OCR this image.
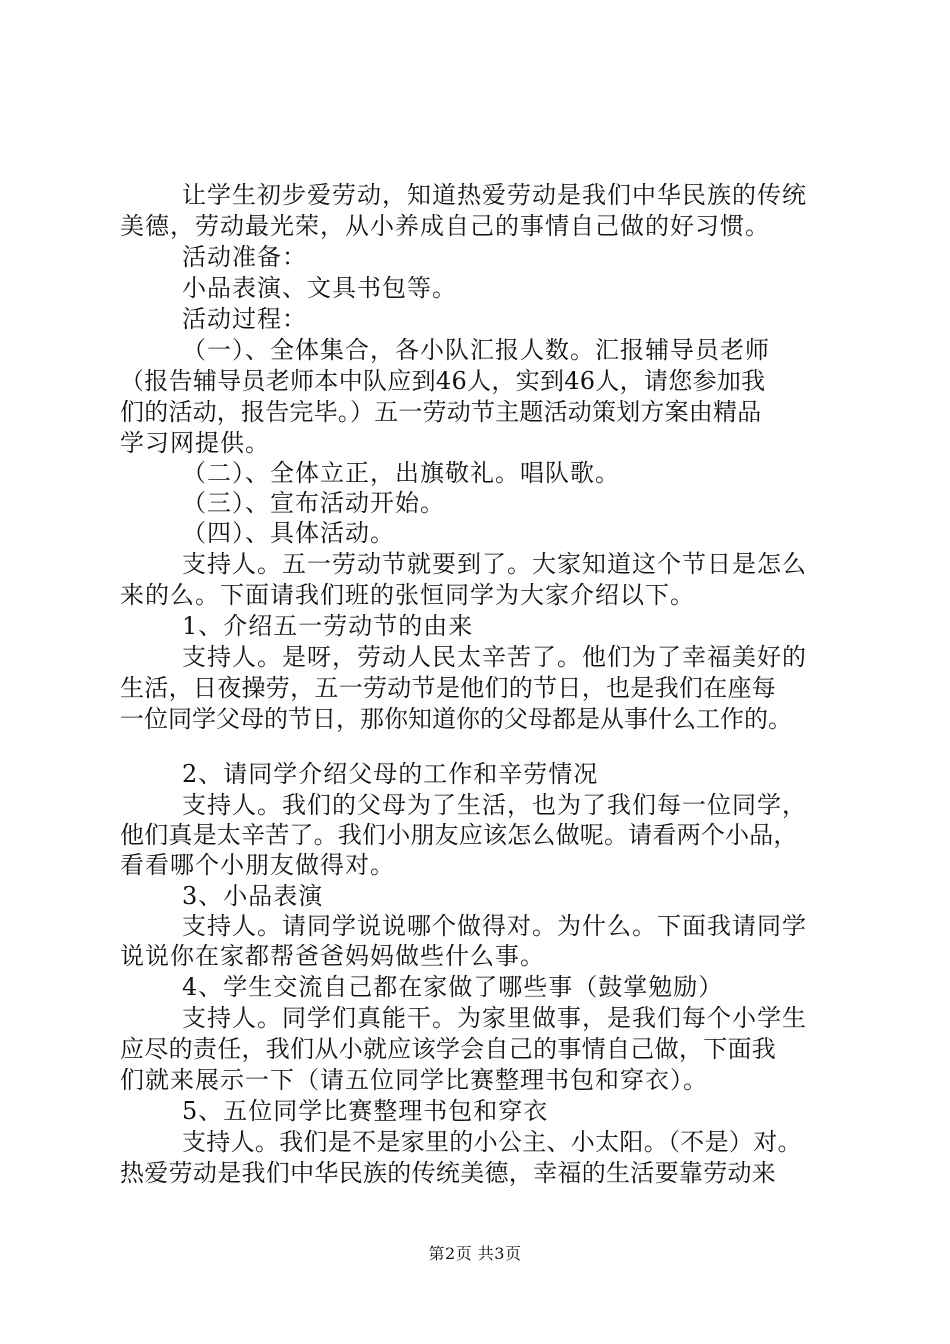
让学生初步爱劳动，知道热爱劳动是我们中华民族的传统
美德，劳动最光荣，从小养成自己的事情自己做的好习惯。
活动准备：
小品表演、文具书包等。
活动过程：
（一）、全体集合，各小队汇报人数。汇报辅导员老师
（报告辅导员老师本中队应到46人，实到46人，请您参加我
们的活动，报告完毕。）五一劳动节主题活动策划方案由精品
学习网提供。
（二）、全体立正，出旗敬礼。唱队歌。
（三）、宣布活动开始。
（四）、具体活动。
支持人。五一劳动节就要到了。大家知道这个节日是怎么
来的么。下面请我们班的张恒同学为大家介绍以下。
1、介绍五一劳动节的由来
支持人。是呀，劳动人民太辛苦了。他们为了幸福美好的
生活，日夜操劳，五一劳动节是他们的节日，也是我们在座每
一位同学父母的节日，那你知道你的父母都是从事什么工作的。
2、请同学介绍父母的工作和辛劳情况
支持人。我们的父母为了生活，也为了我们每一位同学，
他们真是太辛苦了。我们小朋友应该怎么做呢。请看两个小品，
看看哪个小朋友做得对。
3、小品表演
支持人。请同学说说哪个做得对。为什么。下面我请同学
说说你在家都帮爸爸妈妈做些什么事。
4、学生交流自己都在家做了哪些事（鼓掌勉励）
支持人。同学们真能干。为家里做事，是我们每个小学生
应尽的责任，我们从小就应该学会自己的事情自己做，下面我
们就来展示一下（请五位同学比赛整理书包和穿衣）。
5、五位同学比赛整理书包和穿衣
支持人。我们是不是家里的小公主、小太阳。（不是）对。
热爱劳动是我们中华民族的传统美德，幸福的生活要靠劳动来
第2页 共3页
